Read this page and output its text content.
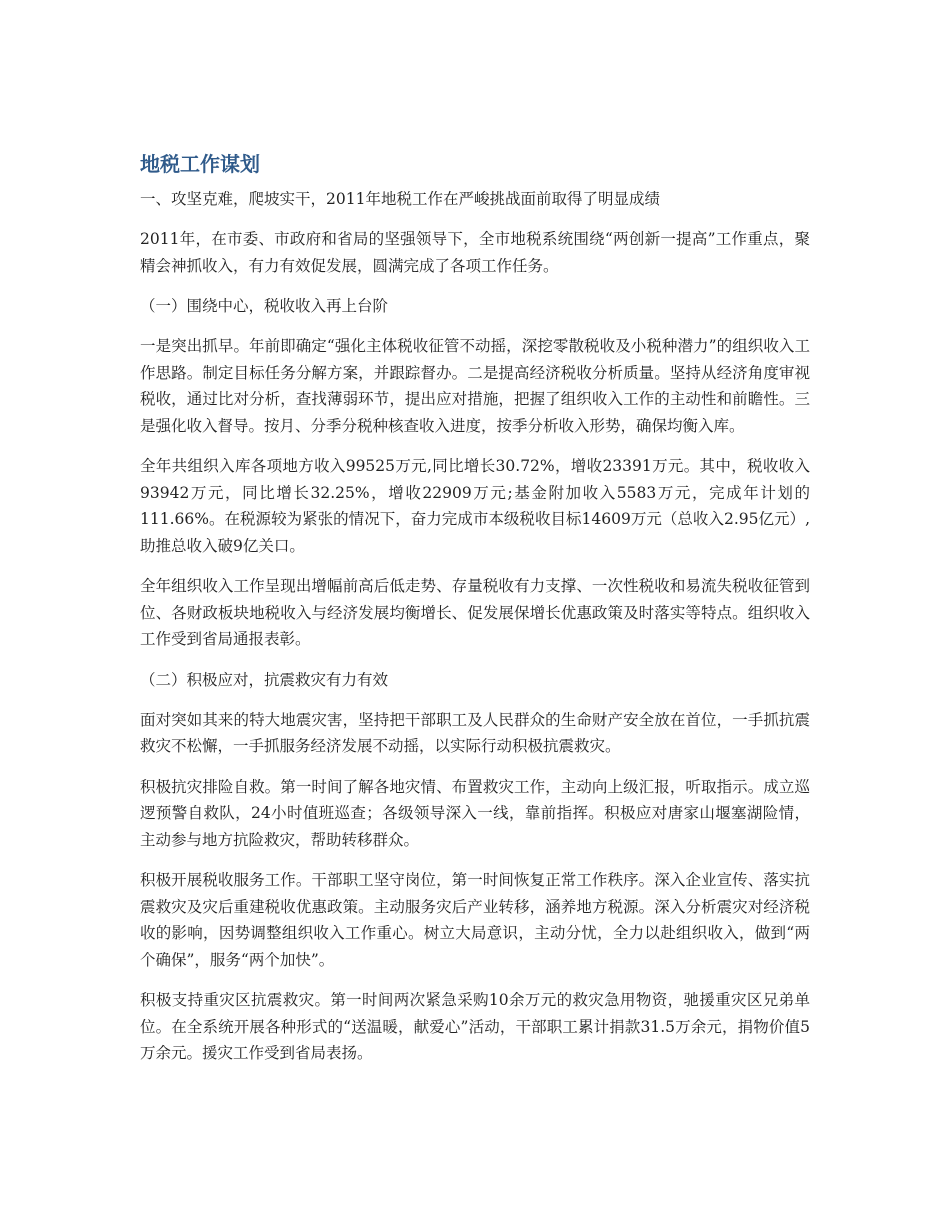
地税工作谋划

一、攻坚克难，爬坡实干，2011年地税工作在严峻挑战面前取得了明显成绩

2011年，在市委、市政府和省局的坚强领导下，全市地税系统围绕“两创新一提高”工作重点，聚精会神抓收入，有力有效促发展，圆满完成了各项工作任务。

（一）围绕中心，税收收入再上台阶

一是突出抓早。年前即确定“强化主体税收征管不动摇，深挖零散税收及小税种潜力”的组织收入工作思路。制定目标任务分解方案，并跟踪督办。二是提高经济税收分析质量。坚持从经济角度审视税收，通过比对分析，查找薄弱环节，提出应对措施，把握了组织收入工作的主动性和前瞻性。三是强化收入督导。按月、分季分税种核查收入进度，按季分析收入形势，确保均衡入库。

全年共组织入库各项地方收入99525万元,同比增长30.72%，增收23391万元。其中，税收收入93942万元，同比增长32.25%，增收22909万元;基金附加收入5583万元，完成年计划的111.66%。在税源较为紧张的情况下，奋力完成市本级税收目标14609万元（总收入2.95亿元）,助推总收入破9亿关口。

全年组织收入工作呈现出增幅前高后低走势、存量税收有力支撑、一次性税收和易流失税收征管到位、各财政板块地税收入与经济发展均衡增长、促发展保增长优惠政策及时落实等特点。组织收入工作受到省局通报表彰。

（二）积极应对，抗震救灾有力有效

面对突如其来的特大地震灾害，坚持把干部职工及人民群众的生命财产安全放在首位，一手抓抗震救灾不松懈，一手抓服务经济发展不动摇，以实际行动积极抗震救灾。

积极抗灾排险自救。第一时间了解各地灾情、布置救灾工作，主动向上级汇报，听取指示。成立巡逻预警自救队，24小时值班巡查；各级领导深入一线，靠前指挥。积极应对唐家山堰塞湖险情，主动参与地方抗险救灾，帮助转移群众。

积极开展税收服务工作。干部职工坚守岗位，第一时间恢复正常工作秩序。深入企业宣传、落实抗震救灾及灾后重建税收优惠政策。主动服务灾后产业转移，涵养地方税源。深入分析震灾对经济税收的影响，因势调整组织收入工作重心。树立大局意识，主动分忧，全力以赴组织收入，做到“两个确保”，服务“两个加快”。

积极支持重灾区抗震救灾。第一时间两次紧急采购10余万元的救灾急用物资，驰援重灾区兄弟单位。在全系统开展各种形式的“送温暖，献爱心”活动，干部职工累计捐款31.5万余元，捐物价值5万余元。援灾工作受到省局表扬。
